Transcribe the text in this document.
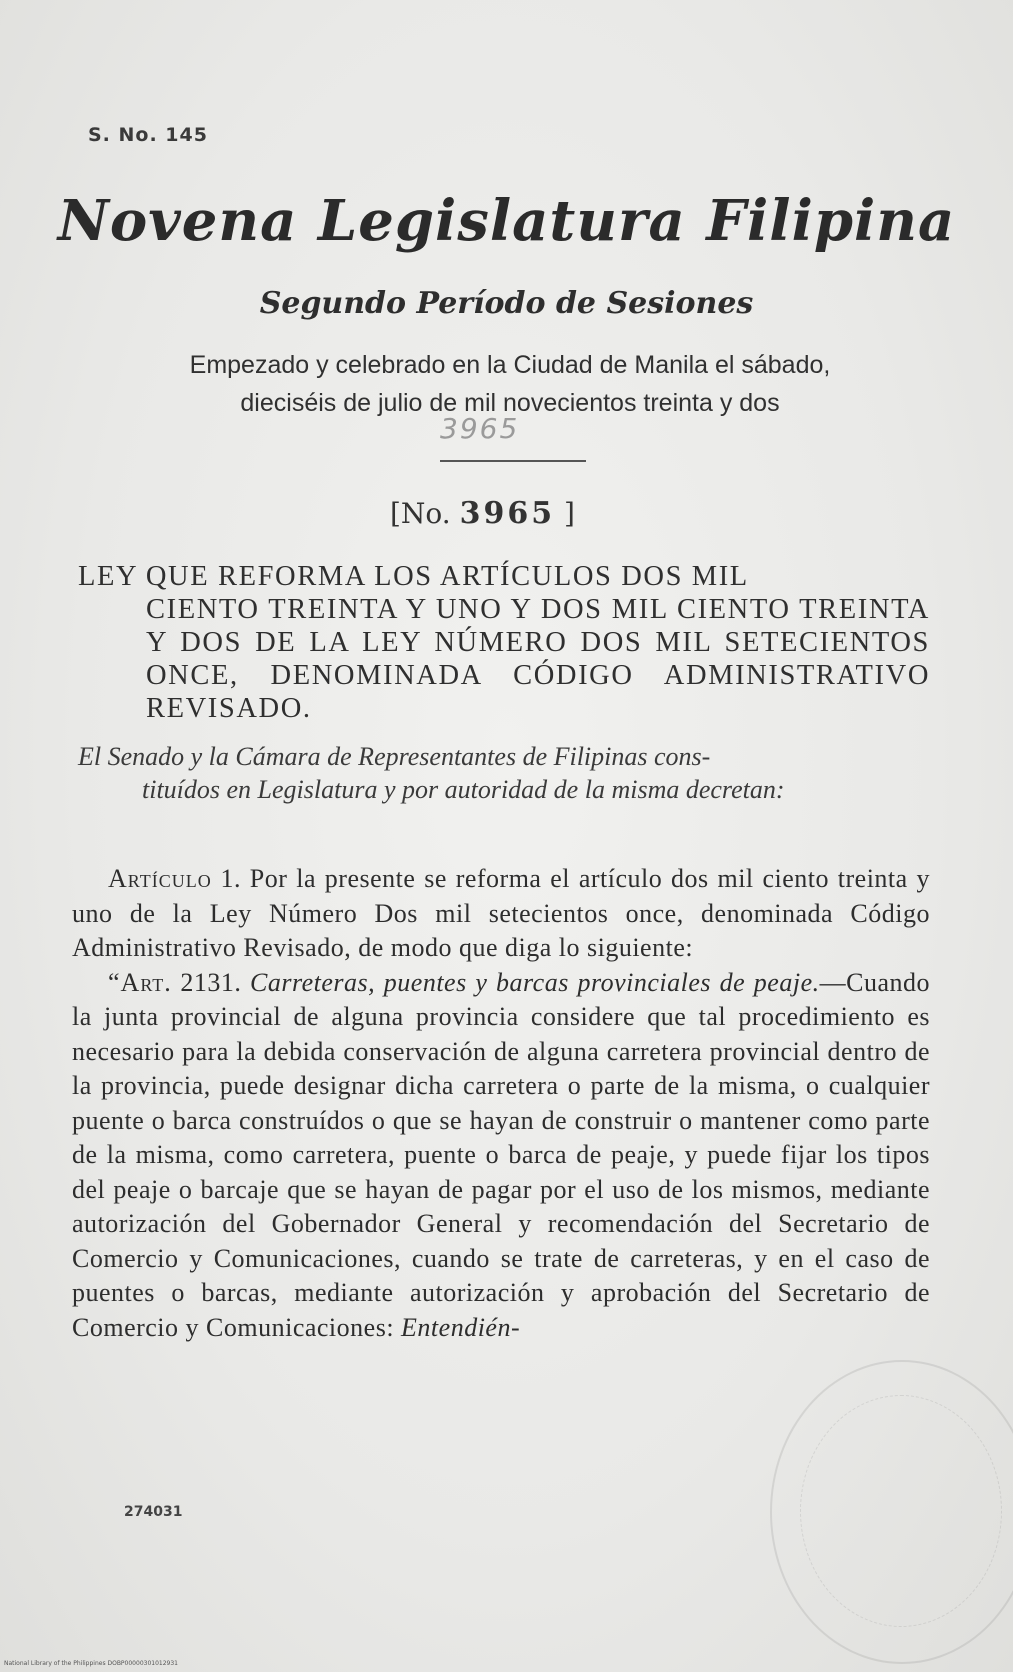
S. No. 145
Novena Legislatura Filipina
Segundo Período de Sesiones
Empezado y celebrado en la Ciudad de Manila el sábado,
dieciséis de julio de mil novecientos treinta y dos
3965
[No. 3965 ]
LEY QUE REFORMA LOS ARTÍCULOS DOS MIL
CIENTO TREINTA Y UNO Y DOS MIL CIENTO TREINTA Y DOS DE LA LEY NÚMERO DOS MIL SETECIENTOS ONCE, DENOMINADA CÓDIGO ADMINISTRATIVO REVISADO.
El Senado y la Cámara de Representantes de Filipinas cons-
tituídos en Legislatura y por autoridad de la misma decretan:

Artículo 1. Por la presente se reforma el artículo dos mil ciento treinta y uno de la Ley Número Dos mil setecientos once, denominada Código Administrativo Revisado, de modo que diga lo siguiente:

“Art. 2131. Carreteras, puentes y barcas provinciales de peaje.—Cuando la junta provincial de alguna provincia considere que tal procedimiento es necesario para la debida conservación de alguna carretera provincial dentro de la provincia, puede designar dicha carretera o parte de la misma, o cualquier puente o barca construídos o que se hayan de construir o mantener como parte de la misma, como carretera, puente o barca de peaje, y puede fijar los tipos del peaje o barcaje que se hayan de pagar por el uso de los mismos, mediante autorización del Gobernador General y recomendación del Secretario de Comercio y Comunicaciones, cuando se trate de carreteras, y en el caso de puentes o barcas, mediante autorización y aprobación del Secretario de Comercio y Comunicaciones: Entendién-

274031
National Library of the Philippines DOBP00000301012931
